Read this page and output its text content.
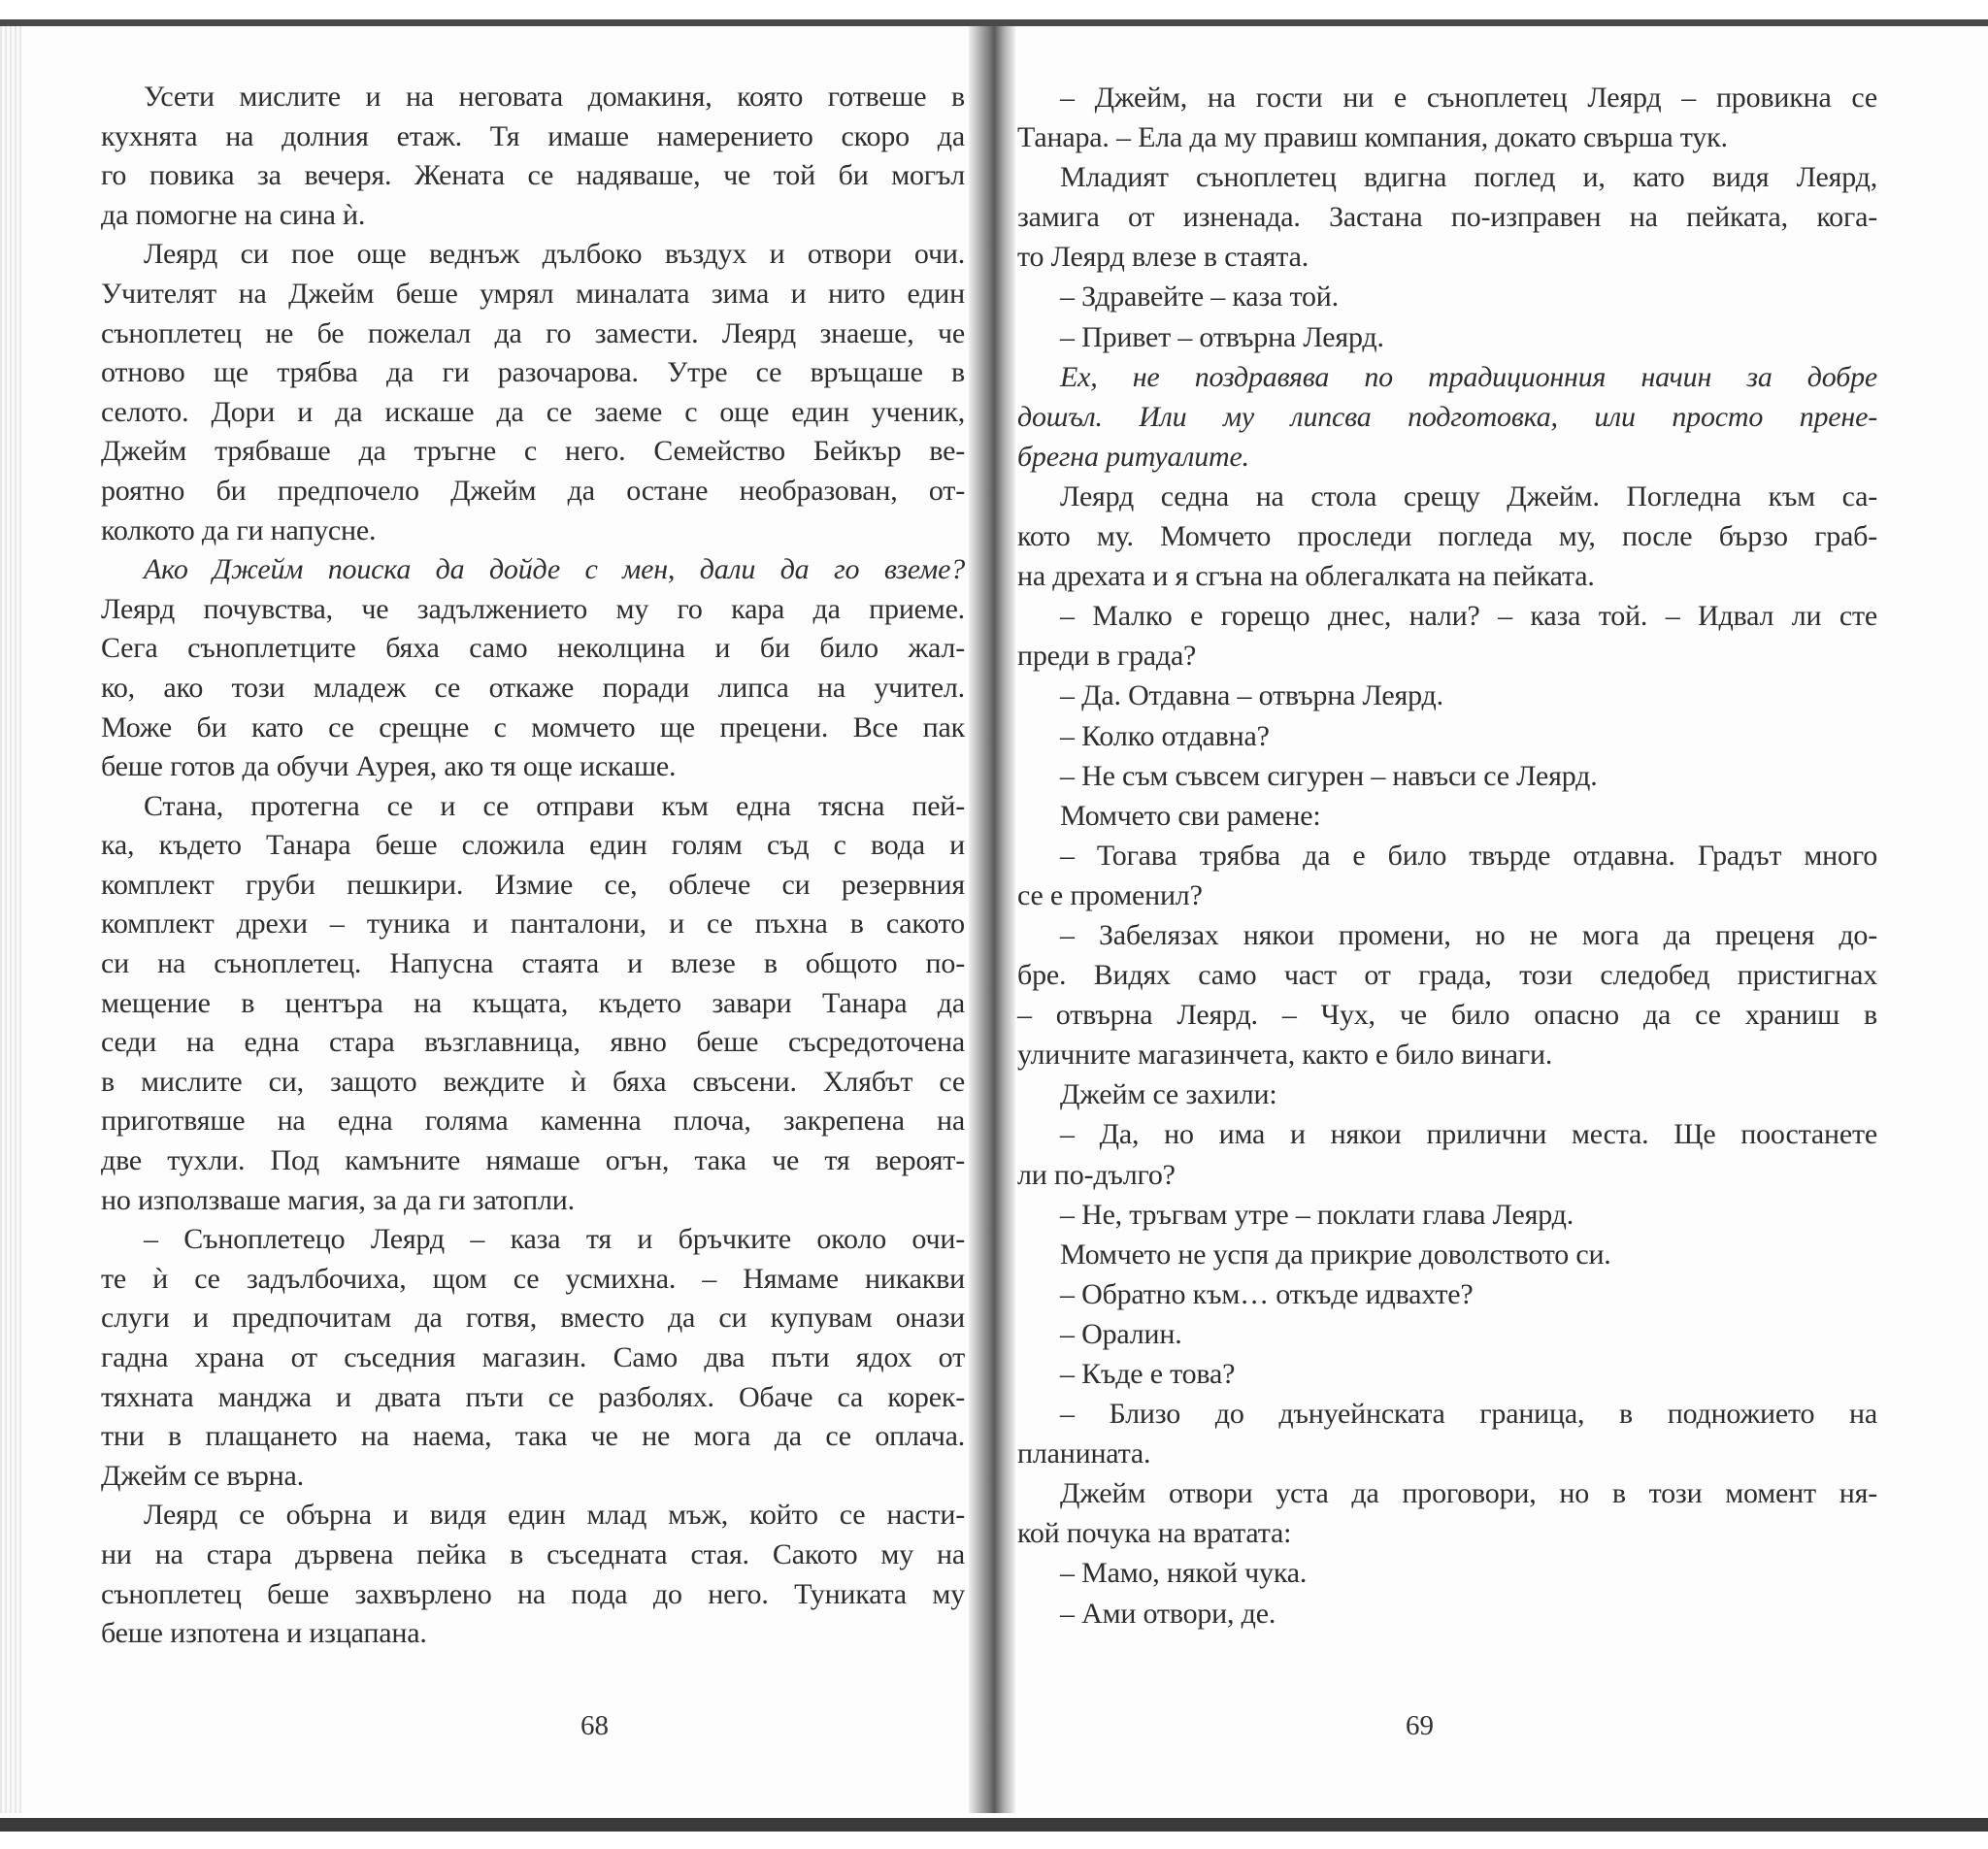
Усети мислите и на неговата домакиня, която готвеше в
кухнята на долния етаж. Тя имаше намерението скоро да
го повика за вечеря. Жената се надяваше, че той би могъл
да помогне на сина ѝ.
Леярд си пое още веднъж дълбоко въздух и отвори очи.
Учителят на Джейм беше умрял миналата зима и нито един
съноплетец не бе пожелал да го замести. Леярд знаеше, че
отново ще трябва да ги разочарова. Утре се връщаше в
селото. Дори и да искаше да се заеме с още един ученик,
Джейм трябваше да тръгне с него. Семейство Бейкър ве-
роятно би предпочело Джейм да остане необразован, от-
колкото да ги напусне.
Ако Джейм поиска да дойде с мен, дали да го вземе?
Леярд почувства, че задължението му го кара да приеме.
Сега съноплетците бяха само неколцина и би било жал-
ко, ако този младеж се откаже поради липса на учител.
Може би като се срещне с момчето ще прецени. Все пак
беше готов да обучи Аурея, ако тя още искаше.
Стана, протегна се и се отправи към една тясна пей-
ка, където Танара беше сложила един голям съд с вода и
комплект груби пешкири. Измие се, облече си резервния
комплект дрехи – туника и панталони, и се пъхна в сакото
си на съноплетец. Напусна стаята и влезе в общото по-
мещение в центъра на къщата, където завари Танара да
седи на една стара възглавница, явно беше съсредоточена
в мислите си, защото веждите ѝ бяха свъсени. Хлябът се
приготвяше на една голяма каменна плоча, закрепена на
две тухли. Под камъните нямаше огън, така че тя вероят-
но използваше магия, за да ги затопли.
– Съноплетецо Леярд – каза тя и бръчките около очи-
те ѝ се задълбочиха, щом се усмихна. – Нямаме никакви
слуги и предпочитам да готвя, вместо да си купувам онази
гадна храна от съседния магазин. Само два пъти ядох от
тяхната манджа и двата пъти се разболях. Обаче са корек-
тни в плащането на наема, така че не мога да се оплача.
Джейм се върна.
Леярд се обърна и видя един млад мъж, който се насти-
ни на стара дървена пейка в съседната стая. Сакото му на
съноплетец беше захвърлено на пода до него. Туниката му
беше изпотена и изцапана.
– Джейм, на гости ни е съноплетец Леярд – провикна се
Танара. – Ела да му правиш компания, докато свърша тук.
Младият съноплетец вдигна поглед и, като видя Леярд,
замига от изненада. Застана по-изправен на пейката, кога-
то Леярд влезе в стаята.
– Здравейте – каза той.
– Привет – отвърна Леярд.
Ех, не поздравява по традиционния начин за добре
дошъл. Или му липсва подготовка, или просто прене-
брегна ритуалите.
Леярд седна на стола срещу Джейм. Погледна към са-
кото му. Момчето проследи погледа му, после бързо граб-
на дрехата и я сгъна на облегалката на пейката.
– Малко е горещо днес, нали? – каза той. – Идвал ли сте
преди в града?
– Да. Отдавна – отвърна Леярд.
– Колко отдавна?
– Не съм съвсем сигурен – навъси се Леярд.
Момчето сви рамене:
– Тогава трябва да е било твърде отдавна. Градът много
се е променил?
– Забелязах някои промени, но не мога да преценя до-
бре. Видях само част от града, този следобед пристигнах
– отвърна Леярд. – Чух, че било опасно да се храниш в
уличните магазинчета, както е било винаги.
Джейм се захили:
– Да, но има и някои прилични места. Ще поостанете
ли по-дълго?
– Не, тръгвам утре – поклати глава Леярд.
Момчето не успя да прикрие доволството си.
– Обратно към… откъде идвахте?
– Оралин.
– Къде е това?
– Близо до дънуейнската граница, в подножието на
планината.
Джейм отвори уста да проговори, но в този момент ня-
кой почука на вратата:
– Мамо, някой чука.
– Ами отвори, де.
68	69
